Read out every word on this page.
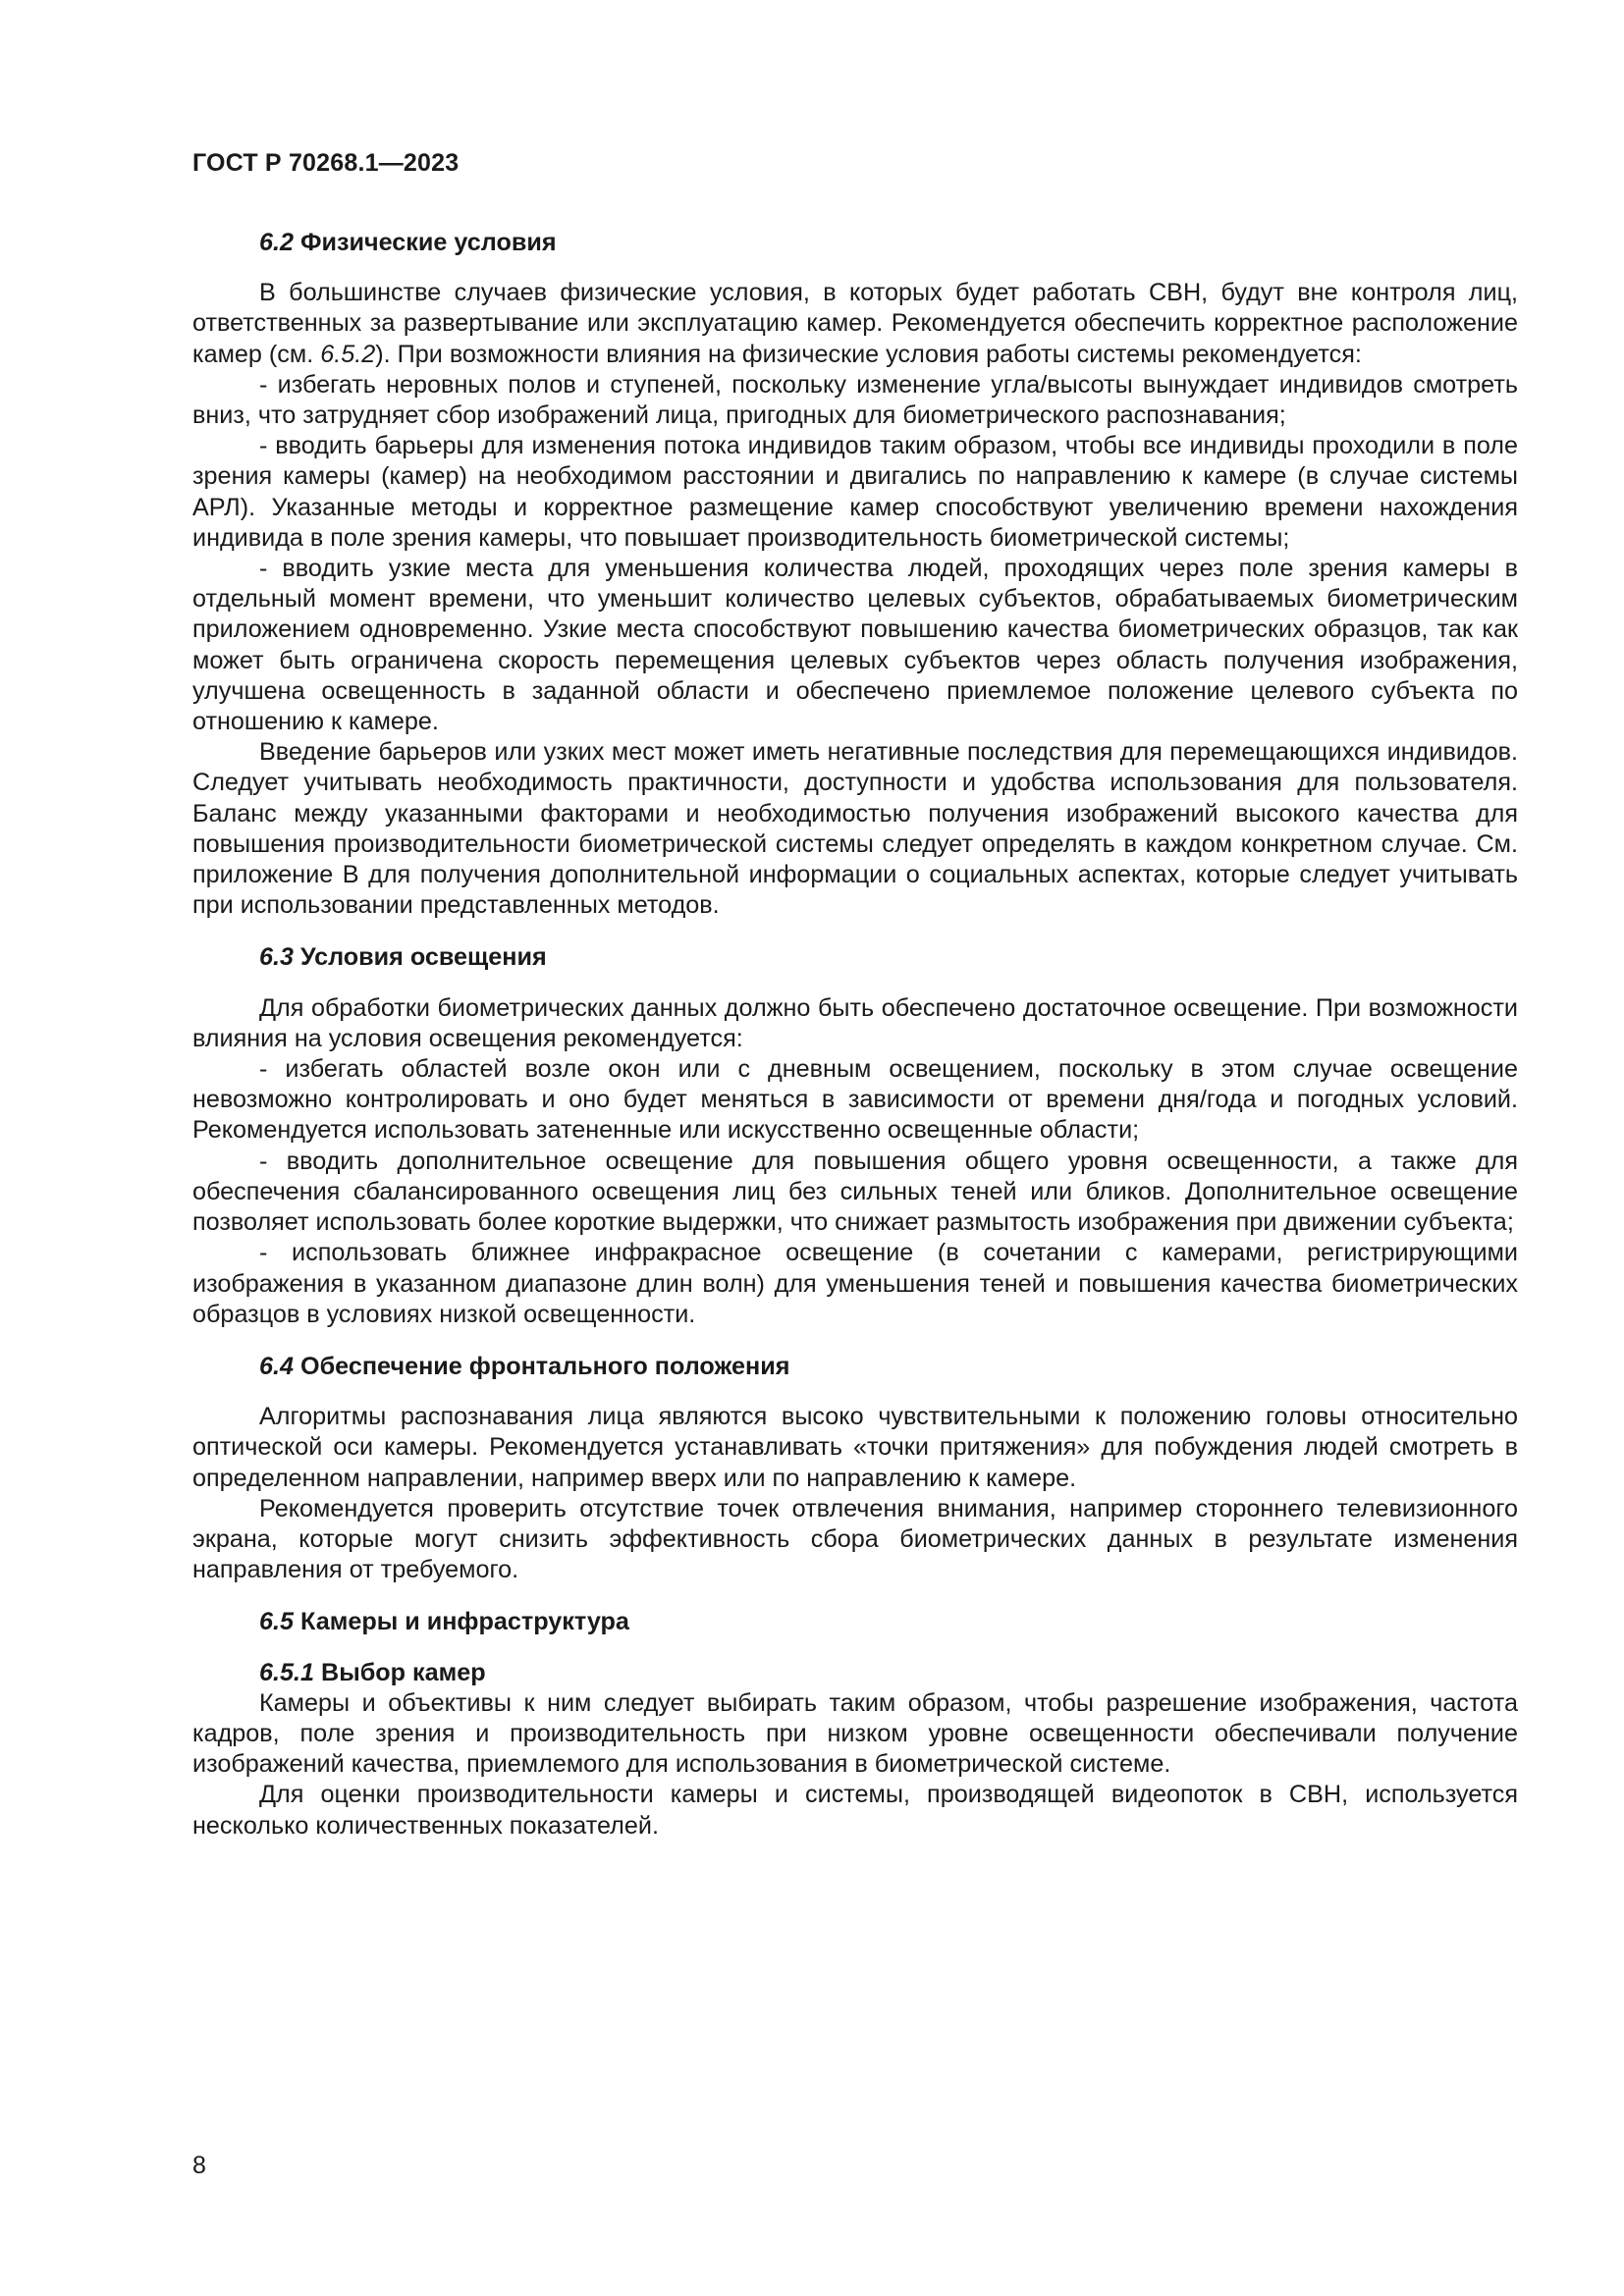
ГОСТ Р 70268.1—2023

6.2 Физические условия

В большинстве случаев физические условия, в которых будет работать СВН, будут вне контроля лиц, ответственных за развертывание или эксплуатацию камер. Рекомендуется обеспечить корректное расположение камер (см. 6.5.2). При возможности влияния на физические условия работы системы рекомендуется:

- избегать неровных полов и ступеней, поскольку изменение угла/высоты вынуждает индивидов смотреть вниз, что затрудняет сбор изображений лица, пригодных для биометрического распознавания;

- вводить барьеры для изменения потока индивидов таким образом, чтобы все индивиды проходили в поле зрения камеры (камер) на необходимом расстоянии и двигались по направлению к камере (в случае системы АРЛ). Указанные методы и корректное размещение камер способствуют увеличению времени нахождения индивида в поле зрения камеры, что повышает производительность биометрической системы;

- вводить узкие места для уменьшения количества людей, проходящих через поле зрения камеры в отдельный момент времени, что уменьшит количество целевых субъектов, обрабатываемых биометрическим приложением одновременно. Узкие места способствуют повышению качества биометрических образцов, так как может быть ограничена скорость перемещения целевых субъектов через область получения изображения, улучшена освещенность в заданной области и обеспечено приемлемое положение целевого субъекта по отношению к камере.

Введение барьеров или узких мест может иметь негативные последствия для перемещающихся индивидов. Следует учитывать необходимость практичности, доступности и удобства использования для пользователя. Баланс между указанными факторами и необходимостью получения изображений высокого качества для повышения производительности биометрической системы следует определять в каждом конкретном случае. См. приложение В для получения дополнительной информации о социальных аспектах, которые следует учитывать при использовании представленных методов.

6.3 Условия освещения

Для обработки биометрических данных должно быть обеспечено достаточное освещение. При возможности влияния на условия освещения рекомендуется:

- избегать областей возле окон или с дневным освещением, поскольку в этом случае освещение невозможно контролировать и оно будет меняться в зависимости от времени дня/года и погодных условий. Рекомендуется использовать затененные или искусственно освещенные области;

- вводить дополнительное освещение для повышения общего уровня освещенности, а также для обеспечения сбалансированного освещения лиц без сильных теней или бликов. Дополнительное освещение позволяет использовать более короткие выдержки, что снижает размытость изображения при движении субъекта;

- использовать ближнее инфракрасное освещение (в сочетании с камерами, регистрирующими изображения в указанном диапазоне длин волн) для уменьшения теней и повышения качества биометрических образцов в условиях низкой освещенности.

6.4 Обеспечение фронтального положения

Алгоритмы распознавания лица являются высоко чувствительными к положению головы относительно оптической оси камеры. Рекомендуется устанавливать «точки притяжения» для побуждения людей смотреть в определенном направлении, например вверх или по направлению к камере.

Рекомендуется проверить отсутствие точек отвлечения внимания, например стороннего телевизионного экрана, которые могут снизить эффективность сбора биометрических данных в результате изменения направления от требуемого.

6.5 Камеры и инфраструктура
6.5.1 Выбор камер

Камеры и объективы к ним следует выбирать таким образом, чтобы разрешение изображения, частота кадров, поле зрения и производительность при низком уровне освещенности обеспечивали получение изображений качества, приемлемого для использования в биометрической системе.

Для оценки производительности камеры и системы, производящей видеопоток в СВН, используется несколько количественных показателей.

8
